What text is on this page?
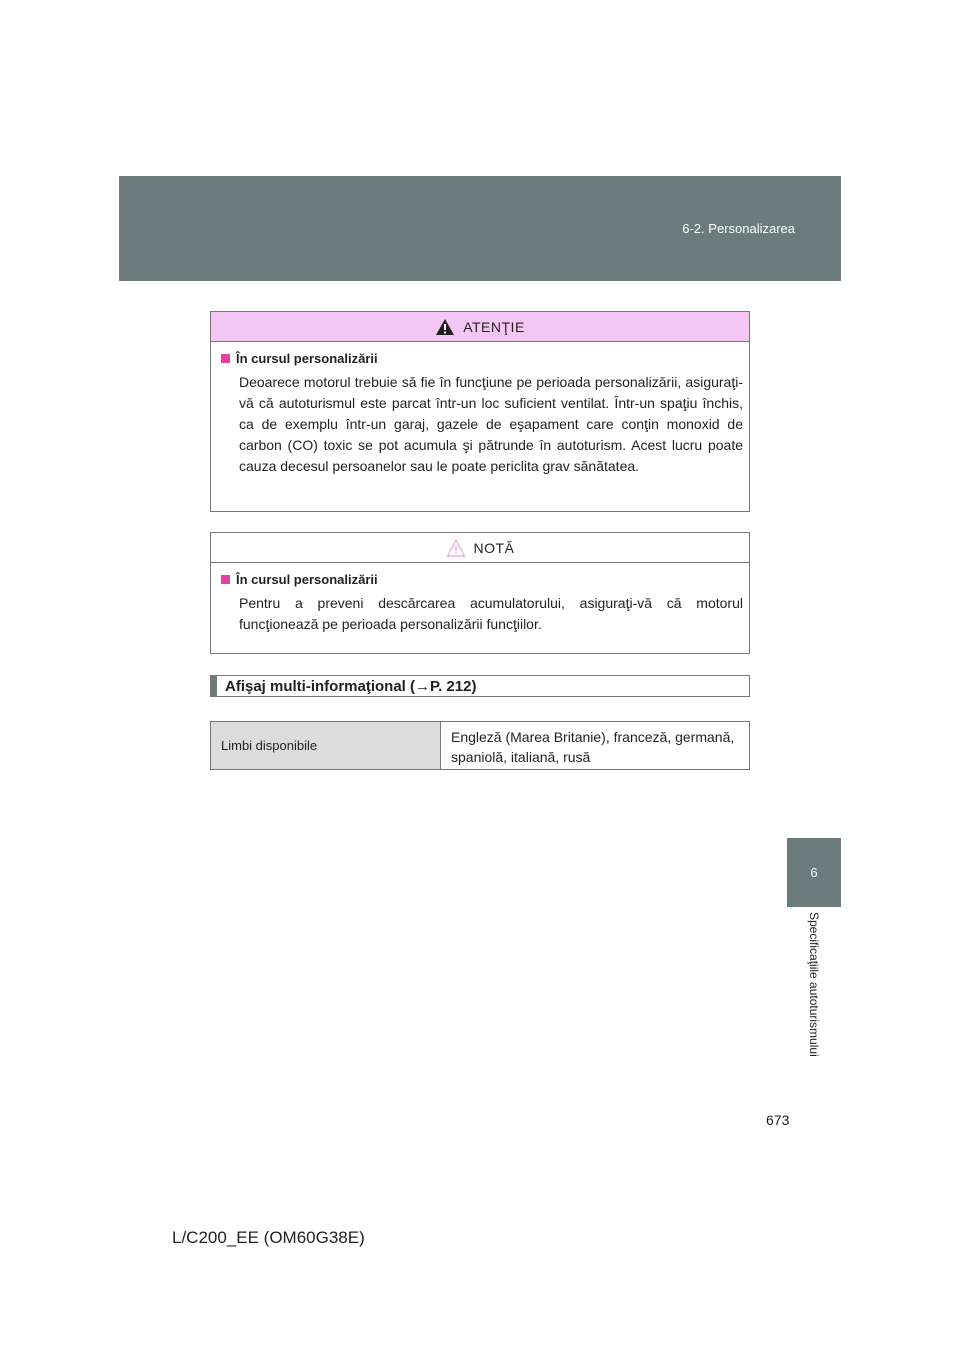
6-2. Personalizarea
6
Specificaţiile autoturismului
ATENŢIE
În cursul personalizării
Deoarece motorul trebuie să fie în funcţiune pe perioada personalizării, asiguraţi-vă că autoturismul este parcat într-un loc suficient ventilat. Într-un spaţiu închis, ca de exemplu într-un garaj, gazele de eşapament care conţin monoxid de carbon (CO) toxic se pot acumula şi pătrunde în autoturism. Acest lucru poate cauza decesul persoanelor sau le poate periclita grav sănătatea.
NOTĂ
În cursul personalizării
Pentru a preveni descărcarea acumulatorului, asiguraţi-vă că motorul funcţionează pe perioada personalizării funcţiilor.
Afişaj multi-informaţional (→P. 212)
Limbi disponibile
Engleză (Marea Britanie), franceză, germană, spaniolă, italiană, rusă
673
L/C200_EE (OM60G38E)
